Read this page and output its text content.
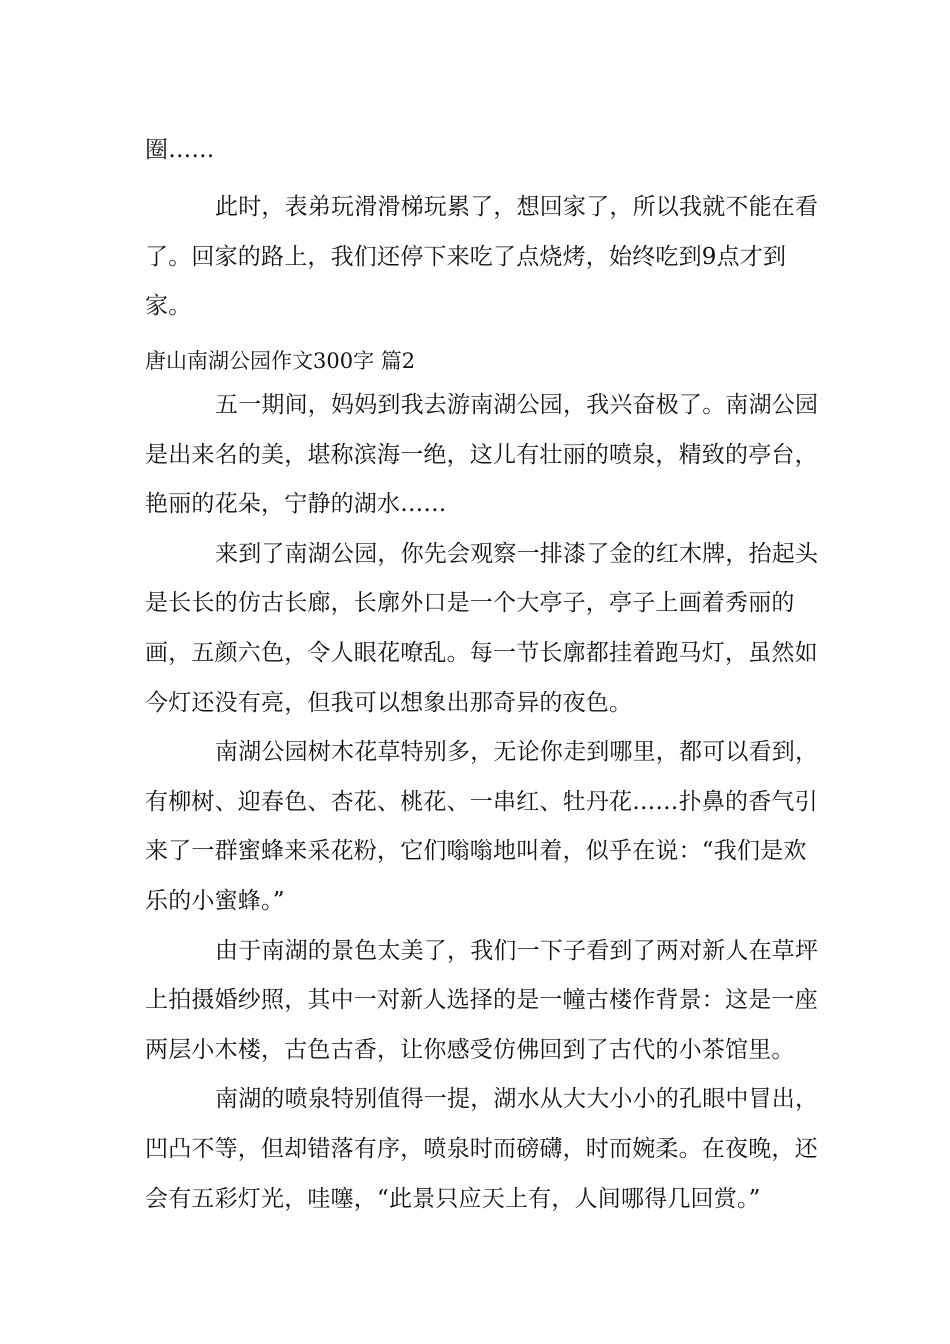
圈……
此时，表弟玩滑滑梯玩累了，想回家了，所以我就不能在看了。回家的路上，我们还停下来吃了点烧烤，始终吃到9点才到家。
唐山南湖公园作文300字 篇2

五一期间，妈妈到我去游南湖公园，我兴奋极了。南湖公园是出来名的美，堪称滨海一绝，这儿有壮丽的喷泉，精致的亭台，艳丽的花朵，宁静的湖水……

来到了南湖公园，你先会观察一排漆了金的红木牌，抬起头是长长的仿古长廊，长廓外口是一个大亭子，亭子上画着秀丽的画，五颜六色，令人眼花嘹乱。每一节长廓都挂着跑马灯，虽然如今灯还没有亮，但我可以想象出那奇异的夜色。

南湖公园树木花草特别多，无论你走到哪里，都可以看到，有柳树、迎春色、杏花、桃花、一串红、牡丹花……扑鼻的香气引来了一群蜜蜂来采花粉，它们嗡嗡地叫着，似乎在说：“我们是欢乐的小蜜蜂。”

由于南湖的景色太美了，我们一下子看到了两对新人在草坪上拍摄婚纱照，其中一对新人选择的是一幢古楼作背景：这是一座两层小木楼，古色古香，让你感受仿佛回到了古代的小茶馆里。

南湖的喷泉特别值得一提，湖水从大大小小的孔眼中冒出，凹凸不等，但却错落有序，喷泉时而磅礴，时而婉柔。在夜晚，还会有五彩灯光，哇噻，“此景只应天上有，人间哪得几回赏。”
